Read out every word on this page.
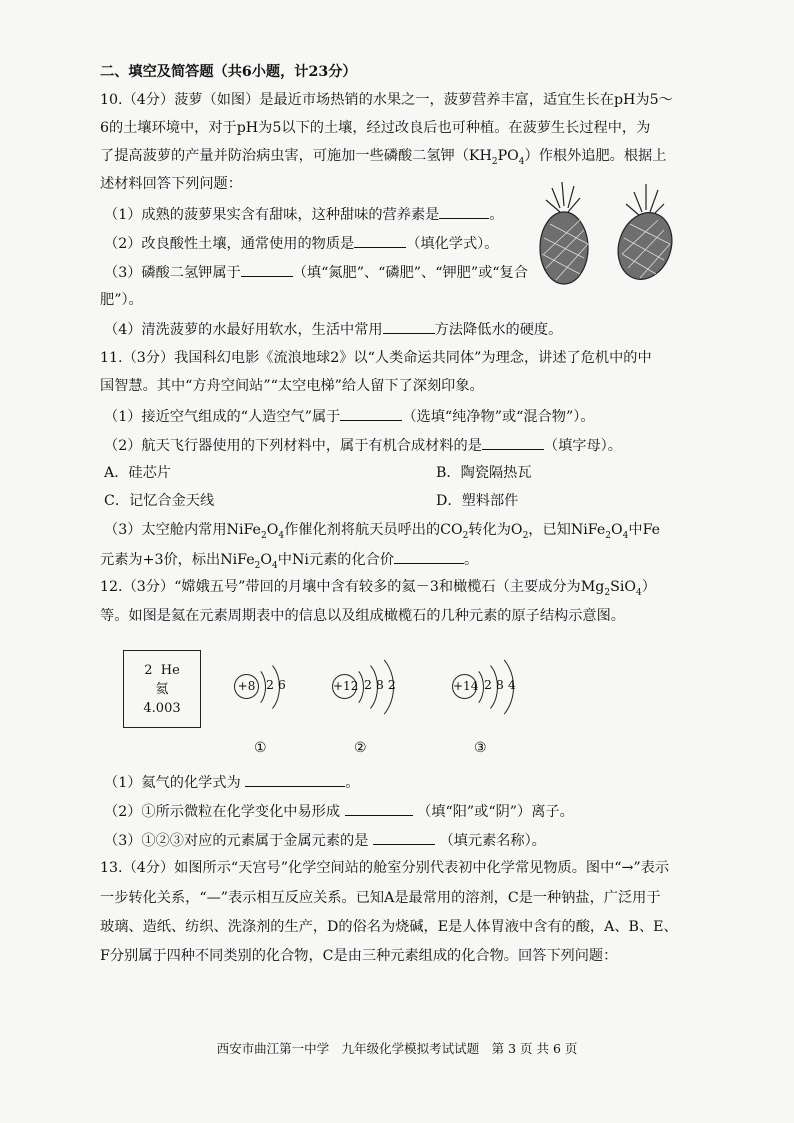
二、填空及简答题（共6小题，计23分）
10.（4分）菠萝（如图）是最近市场热销的水果之一，菠萝营养丰富，适宜生长在pH为5～
6的土壤环境中，对于pH为5以下的土壤，经过改良后也可种植。在菠萝生长过程中，为
了提高菠萝的产量并防治病虫害，可施加一些磷酸二氢钾$(KH_2PO_4)$作根外追肥。根据上
述材料回答下列问题：
（1）成熟的菠萝果实含有甜味，这种甜味的营养素是	。
（2）改良酸性土壤，通常使用的物质是	（填化学式）。
（3）磷酸二氢钾属于	（填“氮肥”、“磷肥”、“钾肥”或“复合
肥”）。
（4）清洗菠萝的水最好用软水，生活中常用	方法降低水的硬度。
11.（3分）我国科幻电影《流浪地球2》以“人类命运共同体”为理念，讲述了危机中的中
国智慧。其中“方舟空间站”“太空电梯”给人留下了深刻印象。
（1）接近空气组成的“人造空气”属于	（选填“纯净物”或“混合物”）。
（2）航天飞行器使用的下列材料中，属于有机合成材料的是	（填字母）。
A．硅芯片	B．陶瓷隔热瓦
C．记忆合金天线	D．塑料部件
（3）太空舱内常用$NiFe_2O_4$作催化剂将航天员呼出的$CO_2$转化为$O_2$，已知$NiFe_2O_4$中Fe
元素为+3价，标出$NiFe_2O_4$中Ni元素的化合价	。
12.（3分）“嫦娥五号”带回的月壤中含有较多的氦－3和橄榄石（主要成分为$Mg_2SiO_4$）
等。如图是氦在元素周期表中的信息以及组成橄榄石的几种元素的原子结构示意图。
2 He
氦
4.003
+8 2 6
①
+12 2 8 2
②
+14 2 8 4
③
（1）氦气的化学式为	。
（2）①所示微粒在化学变化中易形成	（填“阳”或“阴”）离子。
（3）①②③对应的元素属于金属元素的是	（填元素名称）。
13.（4分）如图所示“天宫号”化学空间站的舱室分别代表初中化学常见物质。图中“→”表示
一步转化关系，“—”表示相互反应关系。已知A是最常用的溶剂，C是一种钠盐，广泛用于
玻璃、造纸、纺织、洗涤剂的生产，D的俗名为烧碱，E是人体胃液中含有的酸，A、B、E、
F分别属于四种不同类别的化合物，C是由三种元素组成的化合物。回答下列问题：
西安市曲江第一中学　九年级化学模拟考试试题　第 3 页 共 6 页
